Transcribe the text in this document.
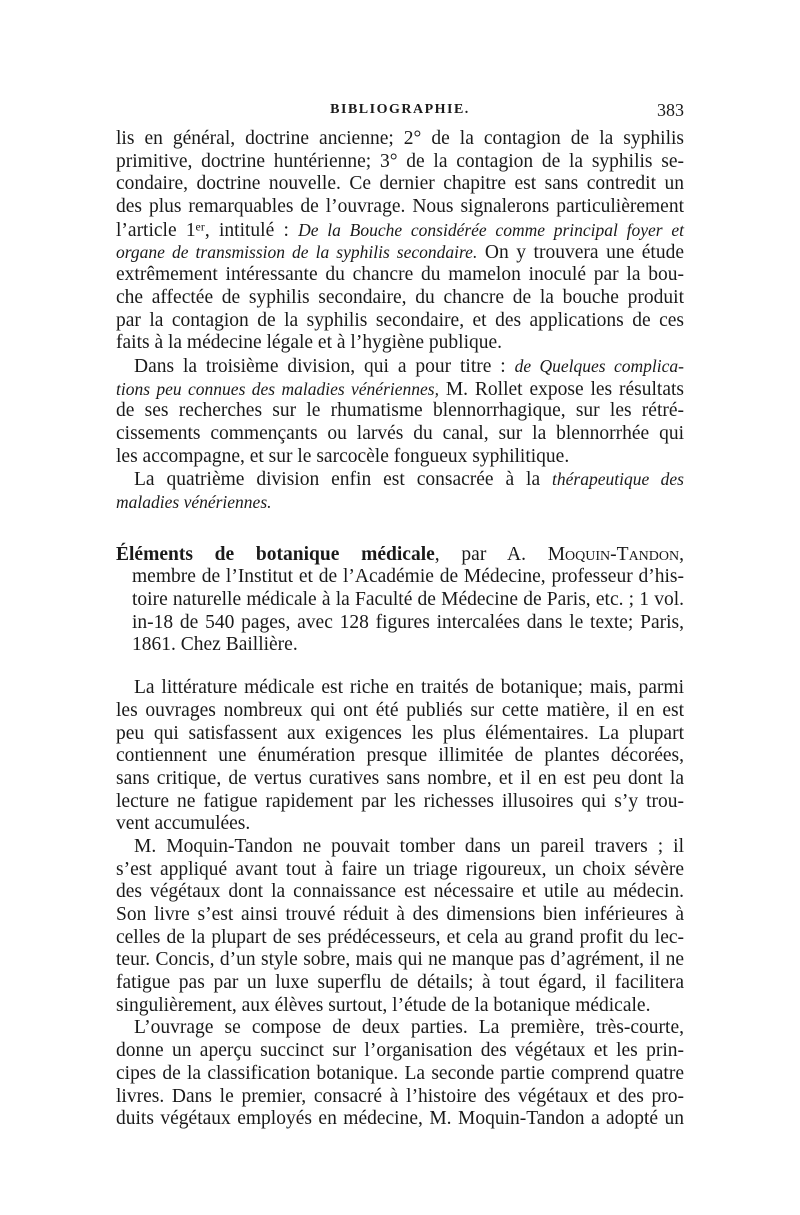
BIBLIOGRAPHIE.	383
lis en général, doctrine ancienne; 2° de la contagion de la syphilis
primitive, doctrine huntérienne; 3° de la contagion de la syphilis se-
condaire, doctrine nouvelle. Ce dernier chapitre est sans contredit un
des plus remarquables de l’ouvrage. Nous signalerons particulièrement
l’article 1ᵉʳ, intitulé : De la Bouche considérée comme principal foyer et
organe de transmission de la syphilis secondaire. On y trouvera une étude
extrêmement intéressante du chancre du mamelon inoculé par la bou-
che affectée de syphilis secondaire, du chancre de la bouche produit
par la contagion de la syphilis secondaire, et des applications de ces
faits à la médecine légale et à l’hygiène publique.
Dans la troisième division, qui a pour titre : de Quelques complica-
tions peu connues des maladies vénériennes, M. Rollet expose les résultats
de ses recherches sur le rhumatisme blennorrhagique, sur les rétré-
cissements commençants ou larvés du canal, sur la blennorrhée qui
les accompagne, et sur le sarcocèle fongueux syphilitique.
La quatrième division enfin est consacrée à la thérapeutique des
maladies vénériennes.
Éléments de botanique médicale, par A. Moquin-Tandon,
membre de l’Institut et de l’Académie de Médecine, professeur d’his-
toire naturelle médicale à la Faculté de Médecine de Paris, etc. ; 1 vol.
in-18 de 540 pages, avec 128 figures intercalées dans le texte; Paris,
1861. Chez Baillière.
La littérature médicale est riche en traités de botanique; mais, parmi
les ouvrages nombreux qui ont été publiés sur cette matière, il en est
peu qui satisfassent aux exigences les plus élémentaires. La plupart
contiennent une énumération presque illimitée de plantes décorées,
sans critique, de vertus curatives sans nombre, et il en est peu dont la
lecture ne fatigue rapidement par les richesses illusoires qui s’y trou-
vent accumulées.
M. Moquin-Tandon ne pouvait tomber dans un pareil travers ; il
s’est appliqué avant tout à faire un triage rigoureux, un choix sévère
des végétaux dont la connaissance est nécessaire et utile au médecin.
Son livre s’est ainsi trouvé réduit à des dimensions bien inférieures à
celles de la plupart de ses prédécesseurs, et cela au grand profit du lec-
teur. Concis, d’un style sobre, mais qui ne manque pas d’agrément, il ne
fatigue pas par un luxe superflu de détails; à tout égard, il facilitera
singulièrement, aux élèves surtout, l’étude de la botanique médicale.
L’ouvrage se compose de deux parties. La première, très-courte,
donne un aperçu succinct sur l’organisation des végétaux et les prin-
cipes de la classification botanique. La seconde partie comprend quatre
livres. Dans le premier, consacré à l’histoire des végétaux et des pro-
duits végétaux employés en médecine, M. Moquin-Tandon a adopté un
